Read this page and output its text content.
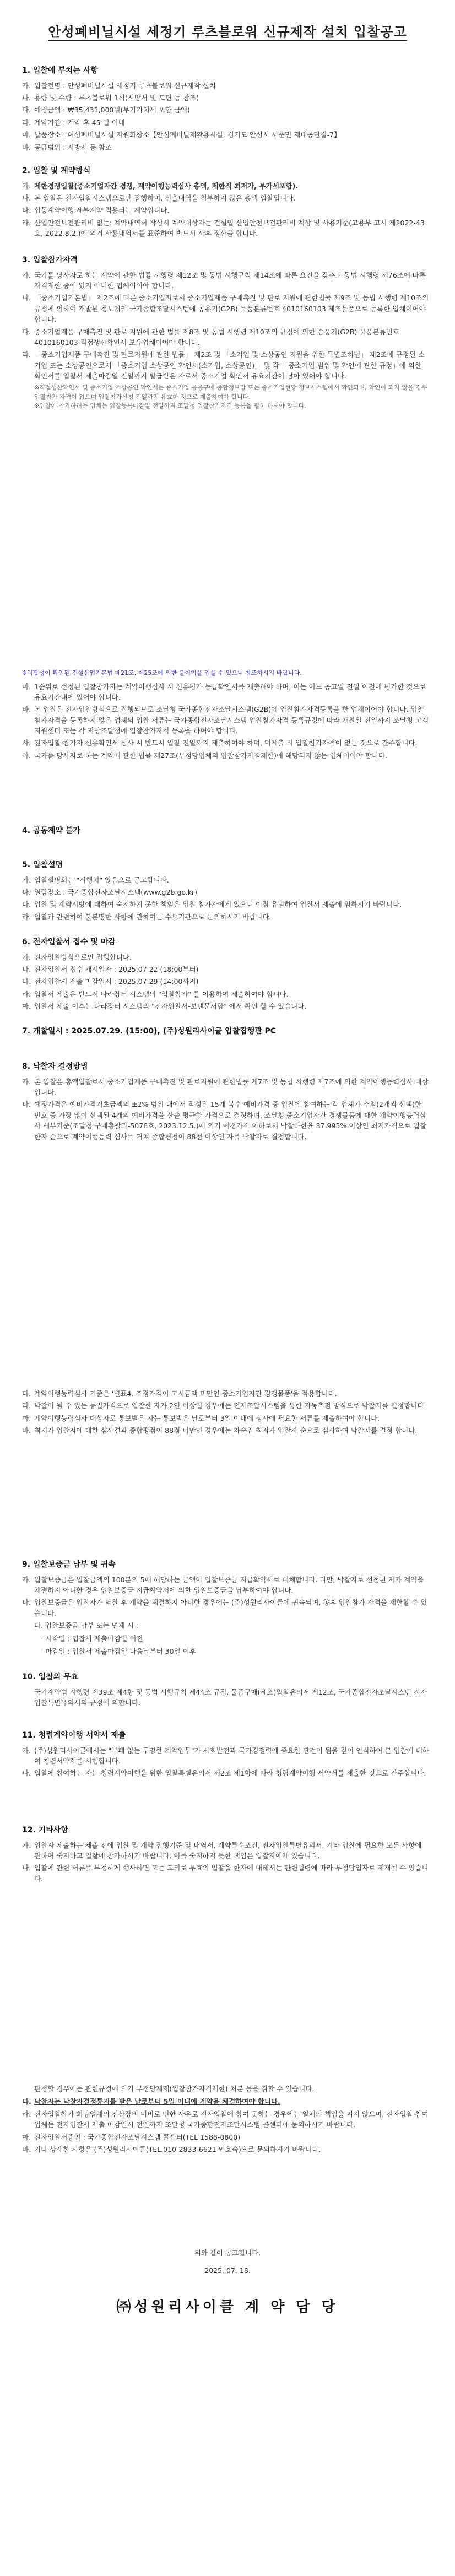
안성폐비닐시설 세정기 루츠블로워 신규제작 설치 입찰공고
1. 입찰에 부치는 사항
가. 입찰건명 : 안성폐비닐시설 세정기 루츠블로워 신규제작 설치
나. 용량 및 수량 : 루츠블로워 1식(시방서 및 도면 등 참조)
다. 예정금액 : ₩35,431,000원(부가가치세 포함 금액)
라. 계약기간 : 계약 후 45 일 이내
마. 납품장소 : 여성폐비닐시설 자원화장소【안성폐비닐재활용시설, 경기도 안성시 서운면 제대공단길-7】
바. 공급범위 : 시방서 등 참조
2. 입찰 및 계약방식
가. 제한경쟁입찰(중소기업자간 경쟁, 계약이행능력심사 총액, 제한적 최저가, 부가세포함).
나. 본 입찰은 전자입찰시스템으로만 집행하며, 신출내역을 첨부하지 않은 총액 입찰입니다.
다. 협동계약이행 세부계약 적용되는 계약입니다.
라. 산업안전보건관리비 없는: 계약내역서 작성시 계약대상자는 건설업 산업안전보건관리비 계상 및 사용기준(고용부 고시 제2022-43호, 2022.8.2.)에 의거 사용내역서를 표준하여 반드시 사후 정산을 합니다.
3. 입찰참가자격
가. 국가를 당사자로 하는 계약에 관한 법률 시행령 제12조 및 동법 시행규칙 제14조에 따른 요건을 갖추고 동법 시행령 제76조에 따른 자격제한 중에 있지 아니한 업체이어야 합니다.
나. 「중소기업기본법」 제2조에 따른 중소기업자로서 중소기업제품 구매촉진 및 판로 지원에 관한법률 제9조 및 동법 시행령 제10조의 규정에 의하여 개발된 정보처리 국가종합조달시스템에 공용기(G2B) 물품분류번호 4010160103 제조물품으로 등록한 업체이어야 합니다.
다. 중소기업제품 구매촉진 및 판로 지원에 관한 법률 제8조 및 동법 시행령 제10조의 규정에 의한 송풍기(G2B) 물품분류번호 4010160103 직접생산확인서 보유업체이어야 합니다.
라. 「중소기업제품 구매촉진 및 판로지원에 관한 법률」 제2조 및 「소기업 및 소상공인 지원을 위한 특별조치법」 제2조에 규정된 소기업 또는 소상공인으로서 「중소기업 소상공인 확인서(소기업, 소상공인)」 및 각 「중소기업 범위 및 확인에 관한 규정」에 의한 확인서를 입찰서 제출마감일 전일까지 발급받은 자로서 중소기업 확인서 유효기간이 남아 있어야 합니다.
※직접생산확인서 및 중소기업 소상공인 확인서는 중소기업 공공구매 종합정보망 또는 중소기업현황 정보시스템에서 확인되며, 확인이 되지 않을 경우 입찰참가 자격이 없으며 입찰참가신청 전일까지 유효한 것으로 제출하여야 합니다.
※입찰에 참가하려는 업체는 입찰등록마감일 전일까지 조달청 입찰참가자격 등록을 필히 하셔야 합니다.
※적합성이 확인된 건설산업기본법 제21조, 제25조에 의한 불이익을 입을 수 있으니 참조하시기 바랍니다.
마. 1순위로 선정된 입찰참가자는 계약이행심사 시 신용평가 등급확인서를 제출해야 하며, 이는 어느 공고일 전일 이전에 평가한 것으로 유효기간내에 있어야 합니다.
바. 본 입찰은 전자입찰방식으로 집행되므로 조달청 국가종합전자조달시스템(G2B)에 입찰참가자격등록을 한 업체이어야 합니다. 입찰참가자격을 등록하지 않은 업체의 입찰 서류는 국가종합전자조달시스템 입찰참가자격 등록규정에 따라 개찰일 전일까지 조달청 고객지원센터 또는 각 지방조달청에 입찰참가자격 등록을 하여야 합니다.
사. 전자입찰 참가자 신용확인서 심사 시 반드시 입찰 전일까지 제출하여야 하며, 미제출 시 입찰참가자격이 없는 것으로 간주합니다.
아. 국가를 당사자로 하는 계약에 관한 법률 제27조(부정당업체의 입찰참가자격제한)에 해당되지 않는 업체이어야 합니다.
4. 공동계약 불가
5. 입찰설명
가. 입찰설명회는 "시행치" 않음으로 공고합니다.
나. 열람장소 : 국가종합전자조달시스템(www.g2b.go.kr)
다. 입찰 및 계약시방에 대하여 숙지하지 못한 책임은 입찰 참가자에게 있으니 이점 유념하여 입찰서 제출에 임하시기 바랍니다.
라. 입찰과 관련하여 불분명한 사항에 관하여는 수요기관으로 문의하시기 바랍니다.
6. 전자입찰서 접수 및 마감
가. 전자입찰방식으로만 집행합니다.
나. 전자입찰서 접수 개시일자 : 2025.07.22 (18:00부터)
다. 전자입찰서 제출 마감일시 : 2025.07.29 (14:00까지)
라. 입찰서 제출은 반드시 나라장터 시스템의 "입찰참가" 를 이용하여 제출하여야 합니다.
마. 입찰서 제출 이후는 나라장터 시스템의 "전자입찰서-보낸문서함" 에서 확인 할 수 있습니다.
7. 개찰일시 : 2025.07.29. (15:00), (주)성원리사이클 입찰집행관 PC
8. 낙찰자 결정방법
가. 본 입찰은 총액입찰로서 중소기업제품 구매촉진 및 판로지원에 관한법률 제7조 및 동법 시행령 제7조에 의한 계약이행능력심사 대상입니다.
나. 예정가격은 예비가격기초금액의 ±2% 범위 내에서 작성된 15개 복수 예비가격 중 입찰에 참여하는 각 업체가 추첨(2개씩 선택)한 번호 중 가장 많이 선택된 4개의 예비가격을 산술 평균한 가격으로 결정하며, 조달청 중소기업자간 경쟁물품에 대한 계약이행능력심사 세부기준(조달청 구매총괄과-5076호, 2023.12.5.)에 의거 예정가격 이하로서 낙찰하한율 87.995% 이상인 최저가격으로 입찰한자 순으로 계약이행능력 심사를 거쳐 종합평점이 88점 이상인 자를 낙찰자로 결정합니다.
다. 계약이행능력심사 기준은 '별표4. 추정가격이 고시금액 미만인 중소기업자간 경쟁물품'을 적용합니다.
라. 낙찰이 될 수 있는 동일가격으로 입찰한 자가 2인 이상일 경우에는 전자조달시스템을 통한 자동추첨 방식으로 낙찰자를 결정합니다.
마. 계약이행능력심사 대상자로 통보받은 자는 통보받은 날로부터 3일 이내에 심사에 필요한 서류를 제출하여야 합니다.
바. 최저가 입찰자에 대한 심사결과 종합평점이 88점 미만인 경우에는 차순위 최저가 입찰자 순으로 심사하여 낙찰자를 결정 합니다.
9. 입찰보증금 납부 및 귀속
가. 입찰보증금은 입찰금액의 100분의 5에 해당하는 금액이 입찰보증금 지급확약서로 대체합니다. 다만, 낙찰자로 선정된 자가 계약을 체결하지 아니한 경우 입찰보증금 지급확약서에 의한 입찰보증금을 납부하여야 합니다.
나. 입찰보증금은 입찰자가 낙찰 후 계약을 체결하지 아니한 경우에는 (주)성원리사이클에 귀속되며, 향후 입찰참가 자격을 제한할 수 있습니다.
다. 입찰보증금 납부 또는 면제 시 :
- 시작일 : 입찰서 제출마감일 이전
- 마감일 : 입찰서 제출마감일 다음날부터 30일 이후
10. 입찰의 무효
국가계약법 시행령 제39조 제4항 및 동법 시행규칙 제44조 규정, 물품구매(제조)입찰유의서 제12조, 국가종합전자조달시스템 전자입찰특별유의서의 규정에 의합니다.
11. 청렴계약이행 서약서 제출
가. (주)성원리사이클에서는 "부패 없는 투명한 계약업무"가 사회발전과 국가경쟁력에 중요한 관건이 됨을 깊이 인식하여 본 입찰에 대하여 청렴서약제를 시행합니다.
나. 입찰에 참여하는 자는 청렴계약이행을 위한 입찰특별유의서 제2조 제1항에 따라 청렴계약이행 서약서를 제출한 것으로 간주합니다.
12. 기타사항
가. 입찰자 제출하는 제출 전에 입찰 및 계약 집행기준 및 내역서, 계약특수조건, 전자입찰특별유의서, 기타 입찰에 필요한 모든 사항에 관하여 숙지하고 입찰에 참가하시기 바랍니다. 이를 숙지하지 못한 책임은 입찰자에게 있습니다.
나. 입찰에 관련 서류를 부정하게 행사하면 또는 고의로 무효의 입찰을 한자에 대해서는 관련법령에 따라 부정당업자로 제재될 수 있습니다.
판정할 경우에는 관련규정에 의거 부정당제재(입찰참가자격제한) 처분 등을 취할 수 있습니다.
다. 낙찰자는 낙찰자결정통지를 받은 날로부터 5일 이내에 계약을 체결하여야 합니다.
라. 전자입찰참가 희망업체의 전산장비 미비로 인한 사유로 전자입찰에 참여 못하는 경우에는 일체의 책임을 지지 않으며, 전자입찰 참여 업체는 전자입찰서 제출 마감일시 전일까지 조달청 국가종합전자조달시스템 콜센터에 문의하시기 바랍니다.
마. 전자입찰서중인 : 국가종합전자조달시스템 콜센터(TEL 1588-0800)
바. 기타 상세한 사항은 (주)성원리사이클(TEL.010-2833-6621 인호숙)으로 문의하시기 바랍니다.
위와 같이 공고합니다.
2025. 07. 18.
㈜성원리사이클 계 약 담 당
